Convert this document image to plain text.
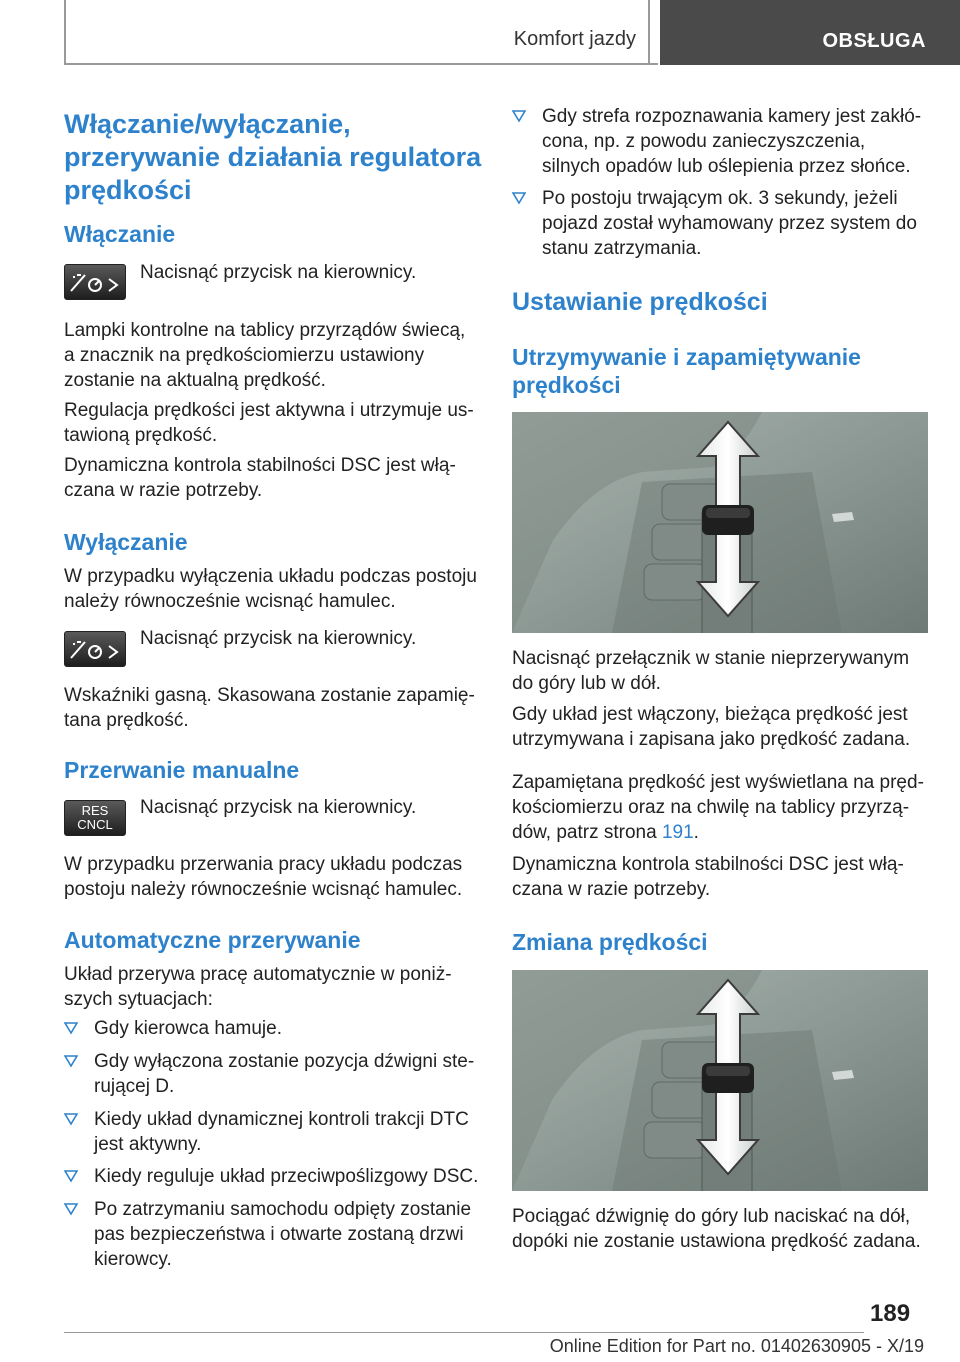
Komfort jazdy	OBSŁUGA
Włączanie/wyłączanie, przerywanie działania regulatora prędkości
Włączanie
Nacisnąć przycisk na kierownicy.
Lampki kontrolne na tablicy przyrządów świecą, a znacznik na prędkościomierzu ustawiony zostanie na aktualną prędkość.
Regulacja prędkości jest aktywna i utrzymuje ustawioną prędkość.
Dynamiczna kontrola stabilności DSC jest włączana w razie potrzeby.
Wyłączanie
W przypadku wyłączenia układu podczas postoju należy równocześnie wcisnąć hamulec.
Nacisnąć przycisk na kierownicy.
Wskaźniki gasną. Skasowana zostanie zapamiętana prędkość.
Przerwanie manualne
RES
CNCL
Nacisnąć przycisk na kierownicy.
W przypadku przerwania pracy układu podczas postoju należy równocześnie wcisnąć hamulec.
Automatyczne przerywanie
Układ przerywa pracę automatycznie w poniższych sytuacjach:
Gdy kierowca hamuje.
Gdy wyłączona zostanie pozycja dźwigni sterującej D.
Kiedy układ dynamicznej kontroli trakcji DTC jest aktywny.
Kiedy reguluje układ przeciwpoślizgowy DSC.
Po zatrzymaniu samochodu odpięty zostanie pas bezpieczeństwa i otwarte zostaną drzwi kierowcy.
Gdy strefa rozpoznawania kamery jest zakłócona, np. z powodu zanieczyszczenia, silnych opadów lub oślepienia przez słońce.
Po postoju trwającym ok. 3 sekundy, jeżeli pojazd został wyhamowany przez system do stanu zatrzymania.
Ustawianie prędkości
Utrzymywanie i zapamiętywanie prędkości
Nacisnąć przełącznik w stanie nieprzerywanym do góry lub w dół.
Gdy układ jest włączony, bieżąca prędkość jest utrzymywana i zapisana jako prędkość zadana.
Zapamiętana prędkość jest wyświetlana na prędkościomierzu oraz na chwilę na tablicy przyrządów, patrz strona 191.
Dynamiczna kontrola stabilności DSC jest włączana w razie potrzeby.
Zmiana prędkości
Pociągać dźwignię do góry lub naciskać na dół, dopóki nie zostanie ustawiona prędkość zadana.
189
Online Edition for Part no. 01402630905 - X/19
